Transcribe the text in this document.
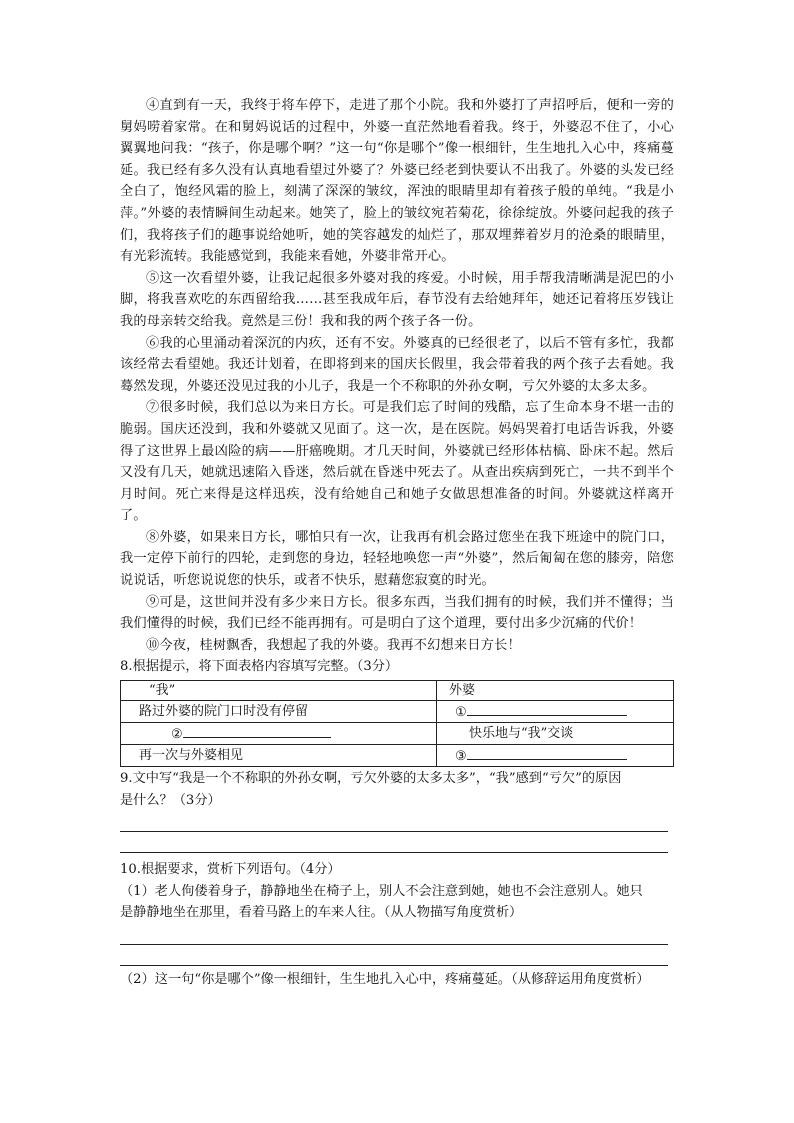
④直到有一天，我终于将车停下，走进了那个小院。我和外婆打了声招呼后，便和一旁的舅妈唠着家常。在和舅妈说话的过程中，外婆一直茫然地看着我。终于，外婆忍不住了，小心翼翼地问我：“孩子，你是哪个啊？”这一句“你是哪个”像一根细针，生生地扎入心中，疼痛蔓延。我已经有多久没有认真地看望过外婆了？外婆已经老到快要认不出我了。外婆的头发已经全白了，饱经风霜的脸上，刻满了深深的皱纹，浑浊的眼睛里却有着孩子般的单纯。“我是小萍。”外婆的表情瞬间生动起来。她笑了，脸上的皱纹宛若菊花，徐徐绽放。外婆问起我的孩子们，我将孩子们的趣事说给她听，她的笑容越发的灿烂了，那双埋葬着岁月的沧桑的眼睛里，有光彩流转。我能感觉到，我能来看她，外婆非常开心。

⑤这一次看望外婆，让我记起很多外婆对我的疼爱。小时候，用手帮我清晰满是泥巴的小脚，将我喜欢吃的东西留给我……甚至我成年后，春节没有去给她拜年，她还记着将压岁钱让我的母亲转交给我。竟然是三份！我和我的两个孩子各一份。

⑥我的心里涌动着深沉的内疚，还有不安。外婆真的已经很老了，以后不管有多忙，我都该经常去看望她。我还计划着，在即将到来的国庆长假里，我会带着我的两个孩子去看她。我蓦然发现，外婆还没见过我的小儿子，我是一个不称职的外孙女啊，亏欠外婆的太多太多。

⑦很多时候，我们总以为来日方长。可是我们忘了时间的残酷，忘了生命本身不堪一击的脆弱。国庆还没到，我和外婆就又见面了。这一次，是在医院。妈妈哭着打电话告诉我，外婆得了这世界上最凶险的病——肝癌晚期。才几天时间，外婆就已经形体枯槁、卧床不起。然后又没有几天，她就迅速陷入昏迷，然后就在昏迷中死去了。从查出疾病到死亡，一共不到半个月时间。死亡来得是这样迅疾，没有给她自己和她子女做思想准备的时间。外婆就这样离开了。

⑧外婆，如果来日方长，哪怕只有一次，让我再有机会路过您坐在我下班途中的院门口，我一定停下前行的四轮，走到您的身边，轻轻地唤您一声“外婆”，然后匍匐在您的膝旁，陪您说说话，听您说说您的快乐，或者不快乐，慰藉您寂寞的时光。

⑨可是，这世间并没有多少来日方长。很多东西，当我们拥有的时候，我们并不懂得；当我们懂得的时候，我们已经不能再拥有。可是明白了这个道理，要付出多少沉痛的代价！

⑩今夜，桂树飘香，我想起了我的外婆。我再不幻想来日方长！

8.根据提示，将下面表格内容填写完整。（3分）

“我”	外婆
路过外婆的院门口时没有停留	①
②	快乐地与“我”交谈
再一次与外婆相见	③

9.文中写“我是一个不称职的外孙女啊，亏欠外婆的太多太多”，“我”感到“亏欠”的原因

是什么？（3分）

10.根据要求，赏析下列语句。（4分）

（1）老人佝偻着身子，静静地坐在椅子上，别人不会注意到她，她也不会注意别人。她只

是静静地坐在那里，看着马路上的车来人往。（从人物描写角度赏析）

（2）这一句“你是哪个”像一根细针，生生地扎入心中，疼痛蔓延。（从修辞运用角度赏析）
